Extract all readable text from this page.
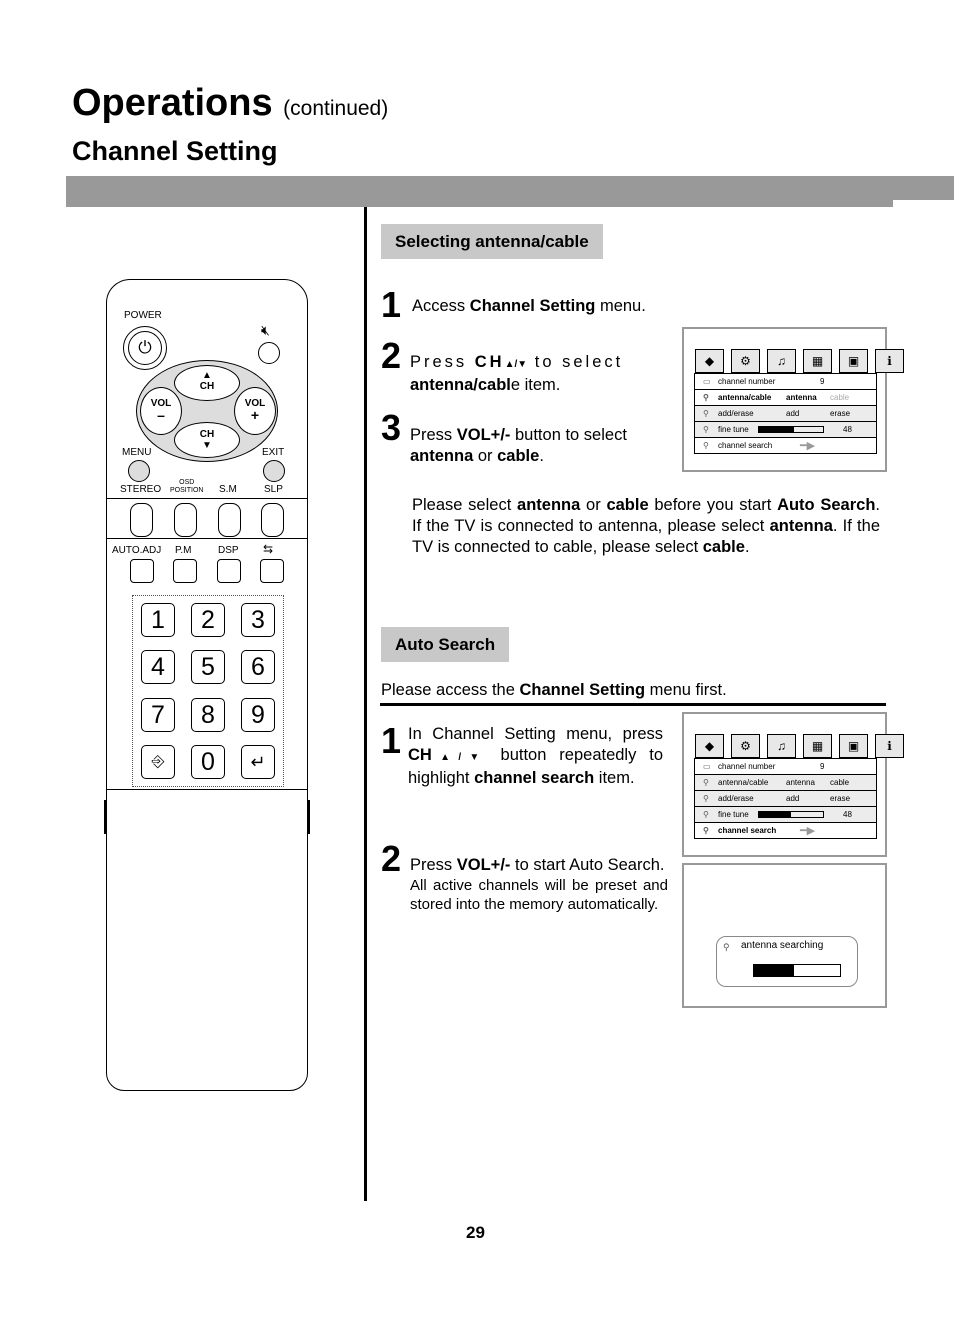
Operations (continued)
Channel Setting
POWER
⏻
🔇︎
▲
CH
CH
▼
VOL
–
VOL
+
MENU	EXIT
STEREO
OSD
POSITION S.M	SLP
AUTO.ADJ P.M	DSP ⇆
1	2	3
4	5	6
7	8	9
⎆	0	↵
Selecting antenna/cable
1 Access Channel Setting menu.
2 Press CH▲/▼ to select
antenna/cable item.
3 Press VOL+/- button to select
antenna or cable.
◆	⚙	♫	▦	▣	ℹ
▭ channel number	9
⚲	antenna/cable	antenna	cable
⚲	add/erase	add	erase
⚲	fine tune	48
⚲	channel search	━▶
Please select antenna or cable before you start Auto Search. If the TV is connected to antenna, please select antenna. If the TV is connected to cable, please select cable.
Auto Search
Please access the Channel Setting menu first.
1 In Channel Setting menu, press CH▲/▼ button repeatedly to highlight channel search item.
◆	⚙	♫	▦	▣	ℹ
▭ channel number	9
⚲	antenna/cable	antenna	cable
⚲	add/erase	add	erase
⚲	fine tune	48
⚲	channel search	━▶
2 Press VOL+/- to start Auto Search.
All active channels will be preset and stored into the memory automatically.
⚲ antenna searching
29
